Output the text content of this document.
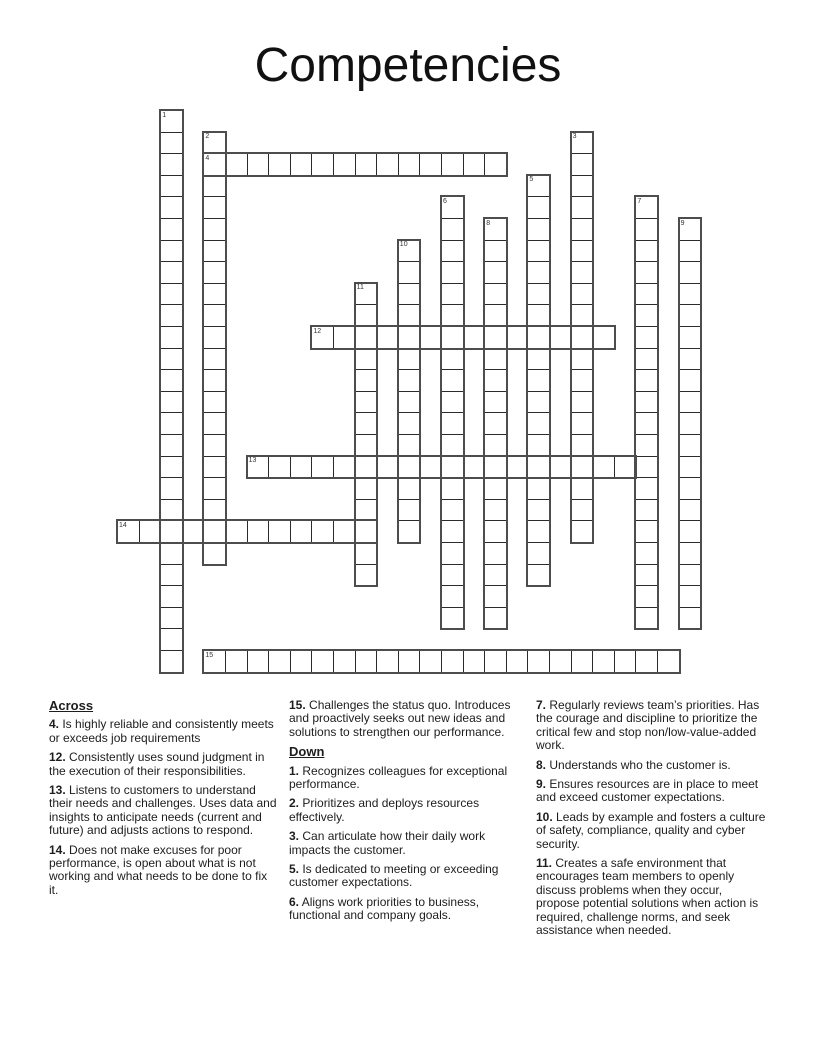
Competencies
1
2	3
4
5
6	7
8	9
10
11
12
13
14
15
Across

4. Is highly reliable and consistently meets or exceeds job requirements

12. Consistently uses sound judgment in the execution of their responsibilities.

13. Listens to customers to understand their needs and challenges. Uses data and insights to anticipate needs (current and future) and adjusts actions to respond.

14. Does not make excuses for poor performance, is open about what is not working and what needs to be done to fix it.

15. Challenges the status quo. Introduces and proactively seeks out new ideas and solutions to strengthen our performance.

Down

1. Recognizes colleagues for exceptional performance.

2. Prioritizes and deploys resources effectively.

3. Can articulate how their daily work impacts the customer.

5. Is dedicated to meeting or exceeding customer expectations.

6. Aligns work priorities to business, functional and company goals.

7. Regularly reviews team’s priorities. Has the courage and discipline to prioritize the critical few and stop non/low-value-added work.

8. Understands who the customer is.

9. Ensures resources are in place to meet and exceed customer expectations.

10. Leads by example and fosters a culture of safety, compliance, quality and cyber security.

11. Creates a safe environment that encourages team members to openly discuss problems when they occur, propose potential solutions when action is required, challenge norms, and seek assistance when needed.
